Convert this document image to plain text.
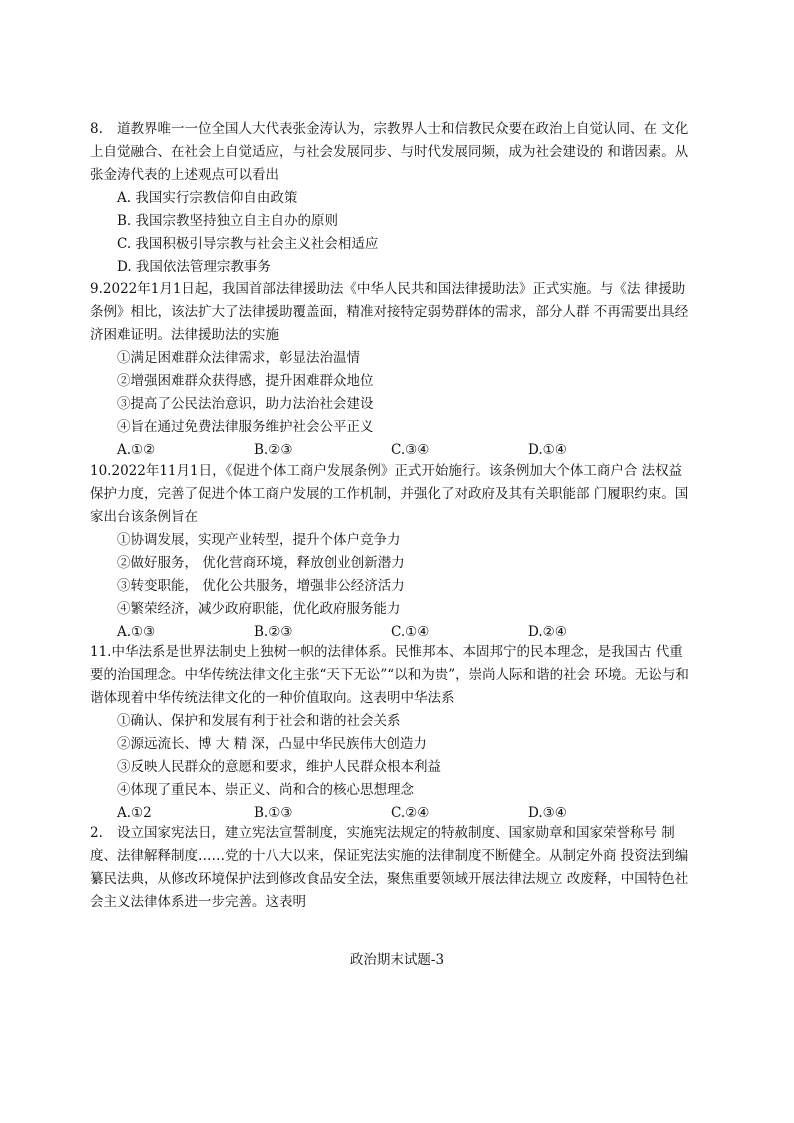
8. 道教界唯一一位全国人大代表张金涛认为，宗教界人士和信教民众要在政治上自觉认同、在 文化上自觉融合、在社会上自觉适应，与社会发展同步、与时代发展同频，成为社会建设的 和谐因素。从张金涛代表的上述观点可以看出
A. 我国实行宗教信仰自由政策
B. 我国宗教坚持独立自主自办的原则
C. 我国积极引导宗教与社会主义社会相适应
D. 我国依法管理宗教事务
9.2022年1月1日起，我国首部法律援助法《中华人民共和国法律援助法》正式实施。与《法 律援助条例》相比，该法扩大了法律援助覆盖面，精准对接特定弱势群体的需求，部分人群 不再需要出具经济困难证明。法律援助法的实施
①满足困难群众法律需求，彰显法治温情
②增强困难群众获得感，提升困难群众地位
③提高了公民法治意识，助力法治社会建设
④旨在通过免费法律服务维护社会公平正义
A.①②	B.②③	C.③④	D.①④
10.2022年11月1日，《促进个体工商户发展条例》正式开始施行。该条例加大个体工商户合 法权益保护力度，完善了促进个体工商户发展的工作机制，并强化了对政府及其有关职能部 门履职约束。国家出台该条例旨在
①协调发展，实现产业转型，提升个体户竞争力
②做好服务， 优化营商环境，释放创业创新潜力
③转变职能， 优化公共服务，增强非公经济活力
④繁荣经济，减少政府职能，优化政府服务能力
A.①③	B.②③	C.①④	D.②④
11.中华法系是世界法制史上独树一帜的法律体系。民惟邦本、本固邦宁的民本理念，是我国古 代重要的治国理念。中华传统法律文化主张“天下无讼”“以和为贵”，崇尚人际和谐的社会 环境。无讼与和谐体现着中华传统法律文化的一种价值取向。这表明中华法系
①确认、保护和发展有利于社会和谐的社会关系
②源远流长、博 大 精 深，凸显中华民族伟大创造力
③反映人民群众的意愿和要求，维护人民群众根本利益
④体现了重民本、崇正义、尚和合的核心思想理念
A.①2	B.①③	C.②④	D.③④
2. 设立国家宪法日，建立宪法宣誓制度，实施宪法规定的特赦制度、国家勋章和国家荣誉称号 制度、法律解释制度……党的十八大以来，保证宪法实施的法律制度不断健全。从制定外商 投资法到编纂民法典，从修改环境保护法到修改食品安全法，聚焦重要领域开展法律法规立 改废释，中国特色社会主义法律体系进一步完善。这表明
政治期末试题-3
